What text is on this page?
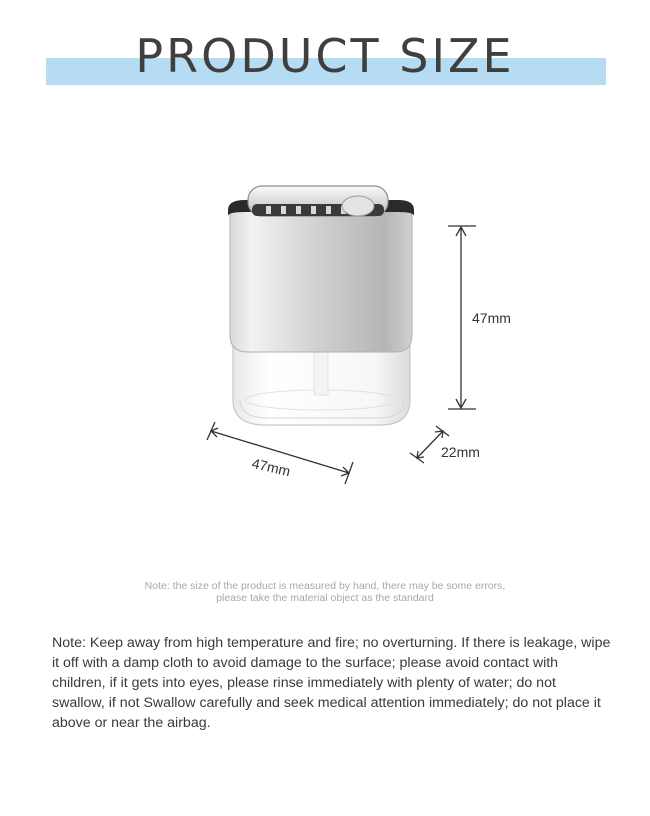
PRODUCT SIZE
47mm
47mm
22mm
Note: the size of the product is measured by hand, there may be some errors,
please take the material object as the standard
Note: Keep away from high temperature and fire; no overturning. If there is leakage, wipe it off with a damp cloth to avoid damage to the surface; please avoid contact with children, if it gets into eyes, please rinse immediately with plenty of water; do not swallow, if not Swallow carefully and seek medical attention immediately; do not place it above or near the airbag.
